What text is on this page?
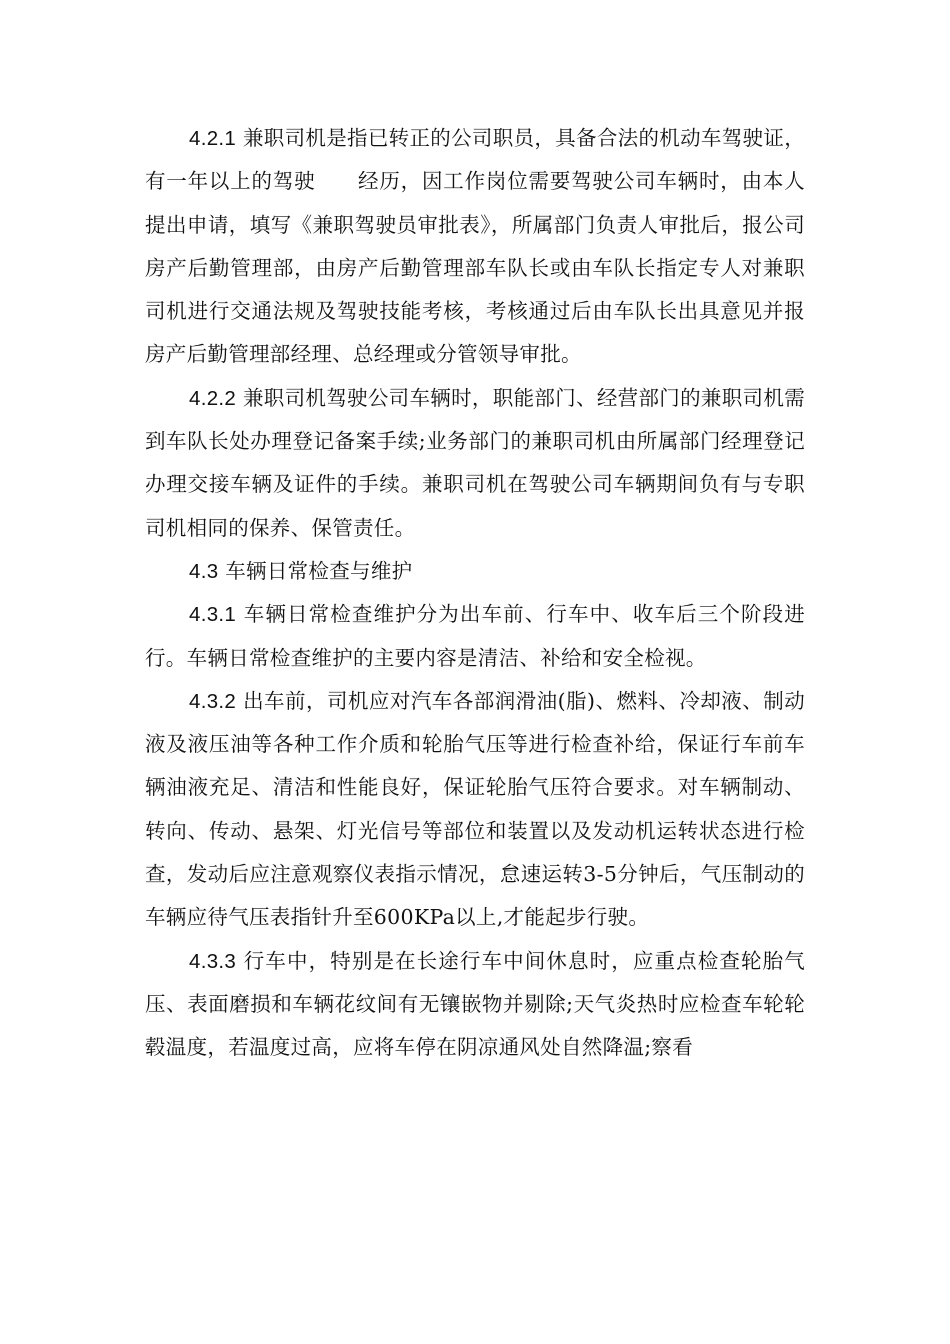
4.2.1 兼职司机是指已转正的公司职员，具备合法的机动车驾驶证，有一年以上的驾驶　　经历，因工作岗位需要驾驶公司车辆时，由本人提出申请，填写《兼职驾驶员审批表》，所属部门负责人审批后，报公司房产后勤管理部，由房产后勤管理部车队长或由车队长指定专人对兼职司机进行交通法规及驾驶技能考核，考核通过后由车队长出具意见并报房产后勤管理部经理、总经理或分管领导审批。

4.2.2 兼职司机驾驶公司车辆时，职能部门、经营部门的兼职司机需到车队长处办理登记备案手续;业务部门的兼职司机由所属部门经理登记办理交接车辆及证件的手续。兼职司机在驾驶公司车辆期间负有与专职司机相同的保养、保管责任。

4.3 车辆日常检查与维护

4.3.1 车辆日常检查维护分为出车前、行车中、收车后三个阶段进行。车辆日常检查维护的主要内容是清洁、补给和安全检视。

4.3.2 出车前，司机应对汽车各部润滑油(脂)、燃料、冷却液、制动液及液压油等各种工作介质和轮胎气压等进行检查补给，保证行车前车辆油液充足、清洁和性能良好，保证轮胎气压符合要求。对车辆制动、转向、传动、悬架、灯光信号等部位和装置以及发动机运转状态进行检查，发动后应注意观察仪表指示情况，怠速运转3-5分钟后，气压制动的车辆应待气压表指针升至600KPa以上,才能起步行驶。

4.3.3 行车中，特别是在长途行车中间休息时，应重点检查轮胎气压、表面磨损和车辆花纹间有无镶嵌物并剔除;天气炎热时应检查车轮轮毂温度，若温度过高，应将车停在阴凉通风处自然降温;察看
